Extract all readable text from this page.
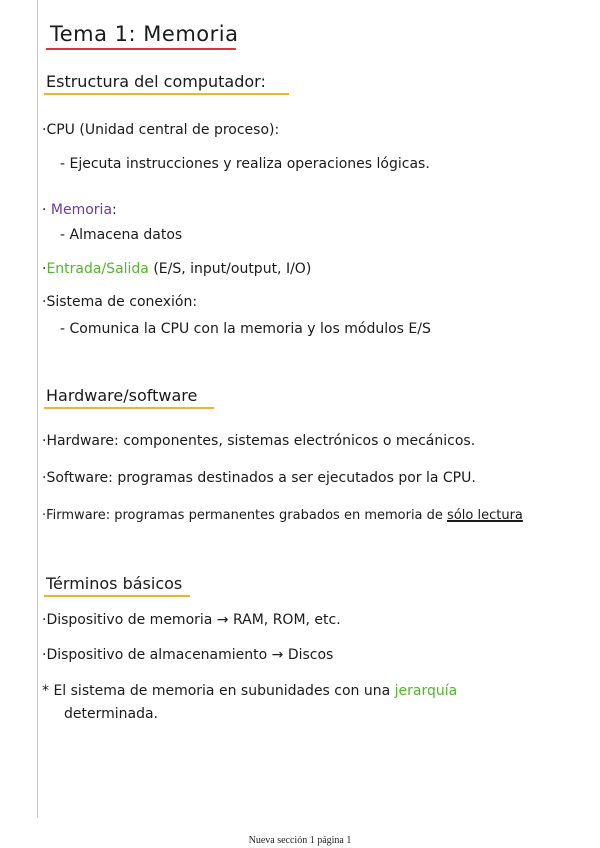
Tema 1: Memoria
Estructura del computador:
·CPU (Unidad central de proceso):
- Ejecuta instrucciones y realiza operaciones lógicas.
· Memoria:
- Almacena datos
·Entrada/Salida (E/S, input/output, I/O)
·Sistema de conexión:
- Comunica la CPU con la memoria y los módulos E/S
Hardware/software
·Hardware: componentes, sistemas electrónicos o mecánicos.
·Software: programas destinados a ser ejecutados por la CPU.
·Firmware: programas permanentes grabados en memoria de sólo lectura
Términos básicos
·Dispositivo de memoria → RAM, ROM, etc.
·Dispositivo de almacenamiento → Discos
* El sistema de memoria en subunidades con una jerarquía
determinada.
Nueva sección 1 página 1
